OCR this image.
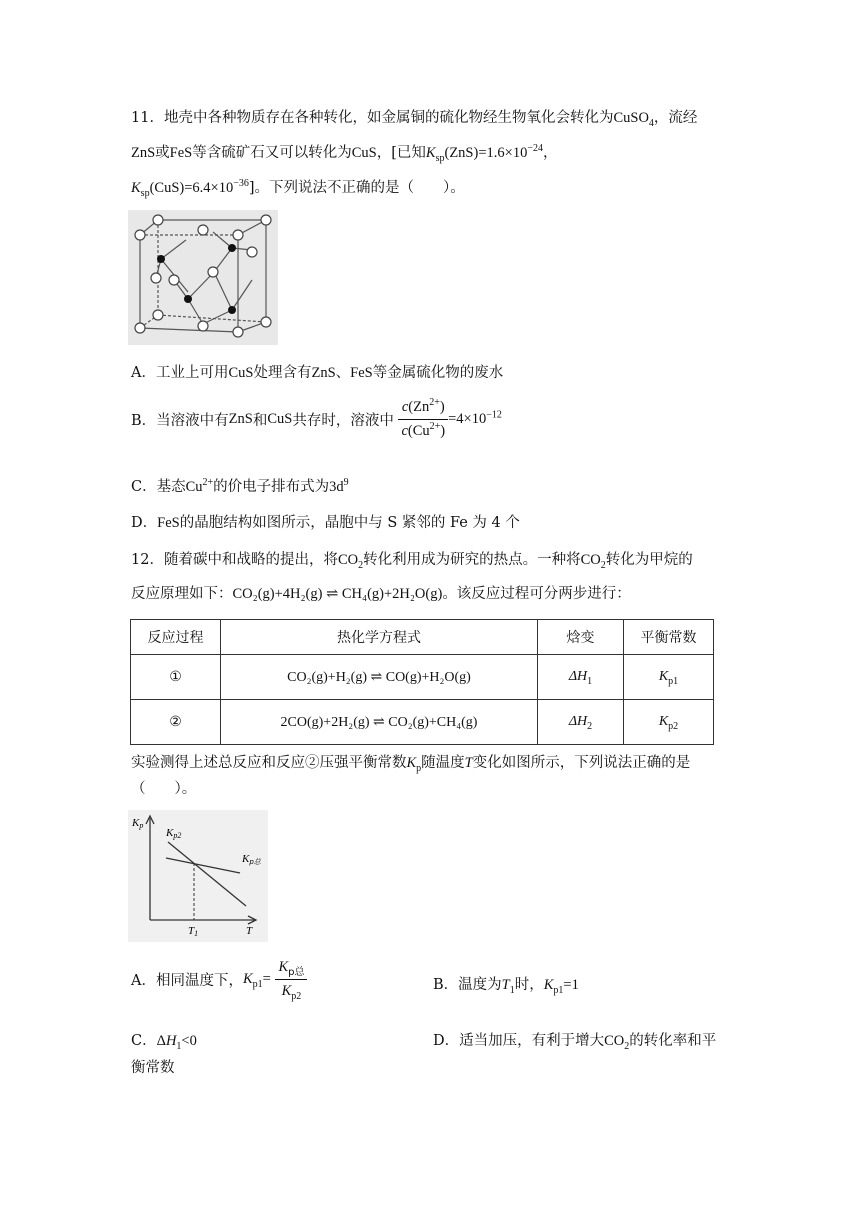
11．地壳中各种物质存在各种转化，如金属铜的硫化物经生物氧化会转化为CuSO$_4$，流经
ZnS或FeS等含硫矿石又可以转化为CuS，[已知$K_{sp}(ZnS)=1.6\times 10^{-24}$，
$K_{sp}(CuS)=6.4\times 10^{-36}$]。下列说法不正确的是（　　）。
A．工业上可用CuS处理含有ZnS、FeS等金属硫化物的废水
B．当溶液中有ZnS和CuS共存时，溶液中 $\frac{c(Zn^{2+})}{c(Cu^{2+})} =4\times 10^{-12}$
C．基态$Cu^{2+}$的价电子排布式为$3d^9$
D．FeS的晶胞结构如图所示，晶胞中与 S 紧邻的 Fe 为 4 个
12．随着碳中和战略的提出，将$CO_2$转化利用成为研究的热点。一种将$CO_2$转化为甲烷的
反应原理如下：CO₂(g)+4H₂(g) ⇌ CH₄(g)+2H₂O(g)。该反应过程可分两步进行：
反应过程	热化学方程式	焓变	平衡常数
①	CO₂(g)+H₂(g) ⇌ CO(g)+H₂O(g)	$\Delta H_1$	$K_{p1}$
②	2CO(g)+2H₂(g) ⇌ CO₂(g)+CH₄(g)	$\Delta H_2$	$K_{p2}$
实验测得上述总反应和反应②压强平衡常数$K_p$随温度T变化如图所示，下列说法正确的是
（　　）。
Kp
Kp2
Kp总
T1	T
A．相同温度下，$K_{p1}= \frac{K_{p总}}{K_{p2}}$	B．温度为$T_1$时，$K_{p1}=1$
C．$\Delta H_1<0$	D．适当加压，有利于增大$CO_2$的转化率和平
衡常数
